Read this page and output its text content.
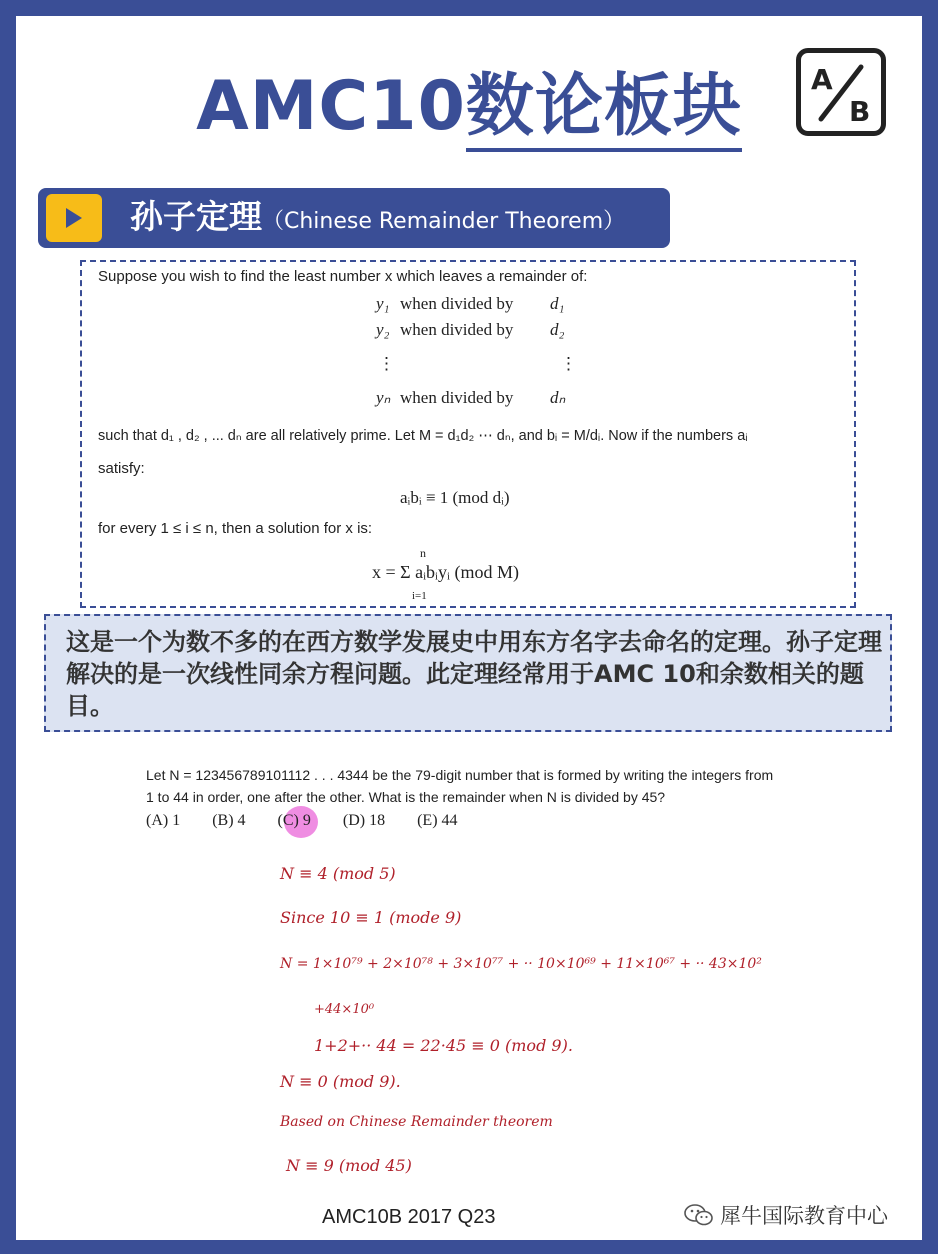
AMC10数论板块	A
B
孙子定理（Chinese Remainder Theorem）
Suppose you wish to find the least number x which leaves a remainder of:
y₁ when divided by d₁
y₂ when divided by d₂
⋮	⋮
yₙ when divided by dₙ
such that d₁ , d₂ , ... dₙ are all relatively prime. Let M = d₁d₂ ⋯ dₙ, and bᵢ = M/dᵢ. Now if the numbers aᵢ
satisfy:
aᵢbᵢ ≡ 1 (mod dᵢ)
for every 1 ≤ i ≤ n, then a solution for x is:
n
i=1
x = Σ aᵢbᵢyᵢ (mod M)

这是一个为数不多的在西方数学发展史中用东方名字去命名的定理。孙子定理解决的是一次线性同余方程问题。此定理经常用于AMC 10和余数相关的题目。

Let N = 123456789101112 . . . 4344 be the 79-digit number that is formed by writing the integers from
1 to 44 in order, one after the other. What is the remainder when N is divided by 45?
(A) 1 (B) 4 (C) 9 (D) 18 (E) 44
N ≡ 4 (mod 5)
Since 10 ≡ 1 (mode 9)
N = 1×10⁷⁹ + 2×10⁷⁸ + 3×10⁷⁷ + ·· 10×10⁶⁹ + 11×10⁶⁷ + ·· 43×10²
+44×10⁰
1+2+·· 44 = 22·45 ≡ 0 (mod 9).
N ≡ 0 (mod 9).
Based on Chinese Remainder theorem
N ≡ 9 (mod 45)
AMC10B 2017 Q23	犀牛国际教育中心
